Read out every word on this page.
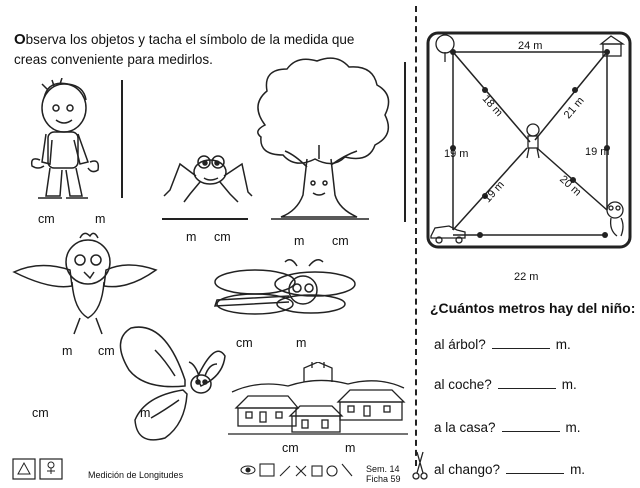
Observa los objetos y tacha el símbolo de la medida que
creas conveniente para medirlos.
cm	m
m cm	m cm
m cm
cm	m
cm	m
cm	m
24 m
19 m	19 m
22 m
18 m	21 m
19 m	20 m
¿Cuántos metros hay del niño:
al árbol?	m.
al coche?	m.
a la casa?	m.
al chango?	m.
Medición de Longitudes
Sem. 14
Ficha 59
